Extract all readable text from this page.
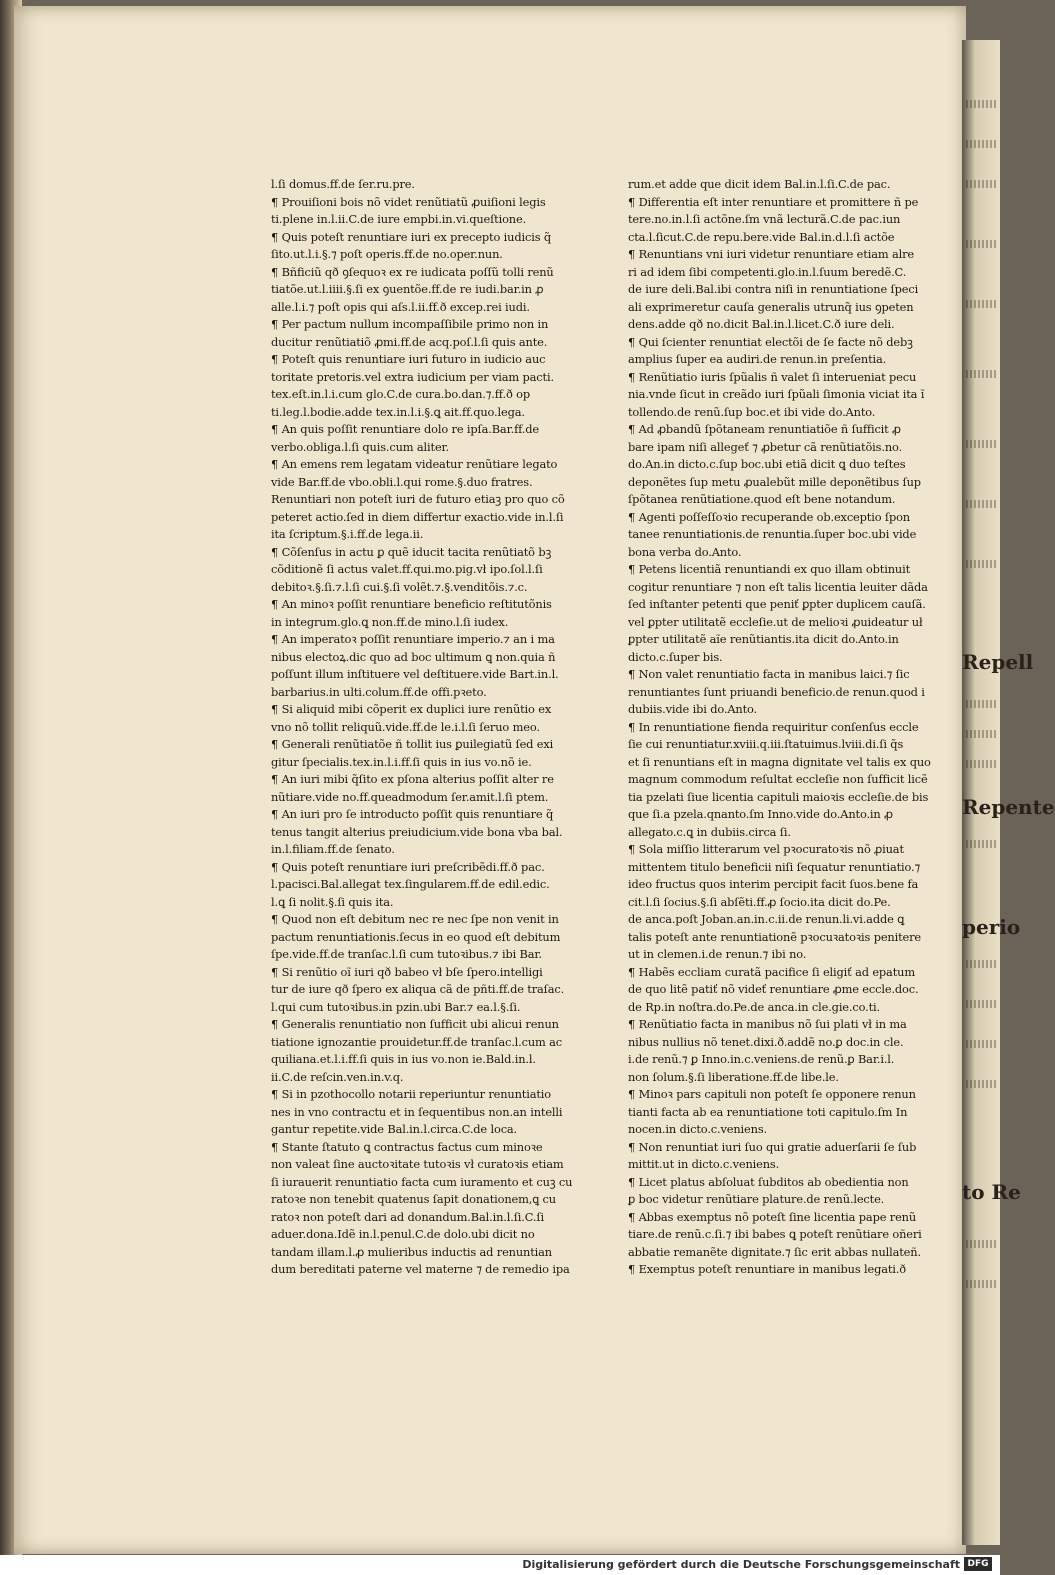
Repell
Repente
perio
to Re
l.ſi domus.ff.de ſer.ru.pre.
¶ Prouiſioni bois nõ videt renũtiatũ ꝓuiſioni legis
ti.plene in.l.ii.C.de iure empbi.in.vi.queſtione.
¶ Quis poteſt renuntiare iuri ex precepto iudicis q̃
ſito.ut.l.i.§.⁊ poſt operis.ff.de no.oper.nun.
¶ Bñficiũ qð ꝯſequoꝛ ex re iudicata poſſũ tolli renũ
tiatõe.ut.l.iiii.§.ſi ex ꝯuentõe.ff.de re iudi.bar.in ꝓ
alle.l.i.⁊ poſt opis qui aſs.l.ii.ff.ð excep.rei iudi.
¶ Per pactum nullum incompaſſibile primo non in
ducitur renũtiatiõ ꝓmi.ff.de acq.poſ.l.ſi quis ante.
¶ Poteſt quis renuntiare iuri futuro in iudicio auc
toritate pretoris.vel extra iudicium per viam pacti.
tex.eſt.in.l.i.cum glo.C.de cura.bo.dan.⁊.ff.ð op
ti.leg.l.bodie.adde tex.in.l.i.§.ꝗ ait.ff.quo.lega.
¶ An quis poſſit renuntiare dolo re ipſa.Bar.ff.de
verbo.obliga.l.ſi quis.cum aliter.
¶ An emens rem legatam videatur renũtiare legato
vide Bar.ff.de vbo.obli.l.qui rome.§.duo fratres.
Renuntiari non poteſt iuri de futuro etiaꝫ pro quo cõ
peteret actio.ſed in diem differtur exactio.vide in.l.ſi
ita ſcriptum.§.i.ff.de lega.ii.
¶ Cõſenſus in actu ꝑ quẽ iducit tacita renũtiatõ bꝫ
cõditionẽ ſi actus valet.ff.qui.mo.pig.vł ipo.ſol.l.ſi
debitoꝛ.§.ſi.⁊.l.ſi cui.§.ſi volẽt.⁊.§.venditõis.⁊.c.
¶ An minoꝛ poſſit renuntiare beneficio reſtitutõnis
in integrum.glo.ꝗ non.ff.de mino.l.ſi iudex.
¶ An imperatoꝛ poſſit renuntiare imperio.⁊ an i ma
nibus electoꝝ.dic quo ad boc ultimum ꝗ non.quia ñ
poſſunt illum inſtituere vel deſtituere.vide Bart.in.l.
barbarius.in ulti.colum.ff.de offi.pꝛeto.
¶ Si aliquid mibi cõperit ex duplici iure renũtio ex
vno nõ tollit reliquũ.vide.ff.de le.i.l.ſi ſeruo meo.
¶ Generali renũtiatõe ñ tollit ius ꝑuilegiatũ ſed exi
gitur ſpecialis.tex.in.l.i.ff.ſi quis in ius vo.nõ ie.
¶ An iuri mibi q̃ſito ex pſona alterius poſſit alter re
nũtiare.vide no.ff.queadmodum ſer.amit.l.ſi ptem.
¶ An iuri pro ſe introducto poſſit quis renuntiare q̃
tenus tangit alterius preiudicium.vide bona vba bal.
in.l.filiam.ff.de ſenato.
¶ Quis poteſt renuntiare iuri preſcribẽdi.ff.ð pac.
l.pacisci.Bal.allegat tex.ſingularem.ff.de edil.edic.
l.ꝗ ſi nolit.§.ſi quis ita.
¶ Quod non eſt debitum nec re nec ſpe non venit in
pactum renuntiationis.ſecus in eo quod eſt debitum
ſpe.vide.ff.de tranſac.l.ſi cum tutoꝛibus.⁊ ibi Bar.
¶ Si renũtio oĩ iuri qð babeo vł bſe ſpero.intelligi
tur de iure qð ſpero ex aliqua cã de pñti.ff.de traſac.
l.qui cum tutoꝛibus.in pzin.ubi Bar.⁊ ea.l.§.ſi.
¶ Generalis renuntiatio non ſufficit ubi alicui renun
tiatione ignozantie prouidetur.ff.de tranſac.l.cum ac
quiliana.et.l.i.ff.ſi quis in ius vo.non ie.Bald.in.l.
ii.C.de reſcin.ven.in.v.q.
¶ Si in pzothocollo notarii reperiuntur renuntiatio
nes in vno contractu et in ſequentibus non.an intelli
gantur repetite.vide Bal.in.l.circa.C.de loca.
¶ Stante ſtatuto ꝗ contractus factus cum minoꝛe
non valeat ſine auctoꝛitate tutoꝛis vł curatoꝛis etiam
ſi iurauerit renuntiatio facta cum iuramento et cuꝫ cu
ratoꝛe non tenebit quatenus ſapit donationem,ꝗ cu
ratoꝛ non poteſt dari ad donandum.Bal.in.l.ſi.C.ſi
aduer.dona.Idẽ in.l.penul.C.de dolo.ubi dicit no
tandam illam.l.ꝓ mulieribus inductis ad renuntian
dum bereditati paterne vel materne ⁊ de remedio ipa
rum.et adde que dicit idem Bal.in.l.ſi.C.de pac.
¶ Differentia eſt inter renuntiare et promittere ñ pe
tere.no.in.l.ſi actõne.ſm vnã lecturã.C.de pac.iun
cta.l.ſicut.C.de repu.bere.vide Bal.in.d.l.ſi actõe
¶ Renuntians vni iuri videtur renuntiare etiam alre
ri ad idem ſibi competenti.glo.in.l.ſuum beredẽ.C.
de iure deli.Bal.ibi contra niſi in renuntiatione ſpeci
ali exprimeretur cauſa generalis utrunq̃ ius ꝯpeten
dens.adde qð no.dicit Bal.in.l.licet.C.ð iure deli.
¶ Qui ſcienter renuntiat electõi de ſe facte nõ debꝫ
amplius ſuper ea audiri.de renun.in preſentia.
¶ Renũtiatio iuris ſpũalis ñ valet ſi interueniat pecu
nia.vnde ſicut in creãdo iuri ſpũali ſimonia viciat ita ĩ
tollendo.de renũ.ſup boc.et ibi vide do.Anto.
¶ Ad ꝓbandũ ſpõtaneam renuntiatiõe ñ ſufficit ꝓ
bare ipam niſi allegeť ⁊ ꝓbetur cã renũtiatõis.no.
do.An.in dicto.c.ſup boc.ubi etiã dicit ꝗ duo teſtes
deponẽtes ſup metu ꝓualebũt mille deponẽtibus ſup
ſpõtanea renũtiatione.quod eſt bene notandum.
¶ Agenti poſſeſſoꝛio recuperande ob.exceptio ſpon
tanee renuntiationis.de renuntia.ſuper boc.ubi vide
bona verba do.Anto.
¶ Petens licentiã renuntiandi ex quo illam obtinuit
cogitur renuntiare ⁊ non eſt talis licentia leuiter dãda
ſed inſtanter petenti que peniť ꝑpter duplicem cauſã.
vel ꝑpter utilitatẽ eccleſie.ut de melioꝛi ꝓuideatur uł
ꝑpter utilitatẽ aĩe renũtiantis.ita dicit do.Anto.in
dicto.c.ſuper bis.
¶ Non valet renuntiatio facta in manibus laici.⁊ ſic
renuntiantes ſunt priuandi beneficio.de renun.quod i
dubiis.vide ibi do.Anto.
¶ In renuntiatione fienda requiritur conſenſus eccle
ſie cui renuntiatur.xviii.q.iii.ſtatuimus.lviii.di.ſi q̃s
et ſi renuntians eſt in magna dignitate vel talis ex quo
magnum commodum reſultat eccleſie non ſufficit licẽ
tia pzelati ſiue licentia capituli maioꝛis eccleſie.de bis
que ſi.a pzela.qnanto.ſm Inno.vide do.Anto.in ꝓ
allegato.c.ꝗ in dubiis.circa ſi.
¶ Sola miſſio litterarum vel pꝛocuratoꝛis nõ ꝓiuat
mittentem titulo beneficii niſi ſequatur renuntiatio.⁊
ideo fructus quos interim percipit facit ſuos.bene fa
cit.l.ſi ſocius.§.ſi abſẽti.ff.ꝓ ſocio.ita dicit do.Pe.
de anca.poſt Joban.an.in.c.ii.de renun.li.vi.adde ꝗ
talis poteſt ante renuntiationẽ pꝛocuꝛatoꝛis penitere
ut in clemen.i.de renun.⁊ ibi no.
¶ Habẽs eccliam curatã pacifice ſi eligiť ad epatum
de quo litẽ patiť nõ videť renuntiare ꝓme eccle.doc.
de Rp.in noſtra.do.Pe.de anca.in cle.gie.co.ti.
¶ Renũtiatio facta in manibus nõ ſui plati vł in ma
nibus nullius nõ tenet.dixi.ð.addẽ no.ꝑ doc.in cle.
i.de renũ.⁊ ꝑ Inno.in.c.veniens.de renũ.ꝑ Bar.i.l.
non ſolum.§.ſi liberatione.ff.de libe.le.
¶ Minoꝛ pars capituli non poteſt ſe opponere renun
tianti facta ab ea renuntiatione toti capitulo.ſm In
nocen.in dicto.c.veniens.
¶ Non renuntiat iuri ſuo qui gratie aduerſarii ſe ſub
mittit.ut in dicto.c.veniens.
¶ Licet platus abſoluat ſubditos ab obedientia non
ꝑ boc videtur renũtiare plature.de renũ.lecte.
¶ Abbas exemptus nõ poteſt ſine licentia pape renũ
tiare.de renũ.c.ſi.⁊ ibi babes ꝗ poteſt renũtiare oñeri
abbatie remanẽte dignitate.⁊ ſic erit abbas nullateñ.
¶ Exemptus poteſt renuntiare in manibus legati.ð
Digitalisierung gefördert durch die Deutsche Forschungsgemeinschaft DFG
